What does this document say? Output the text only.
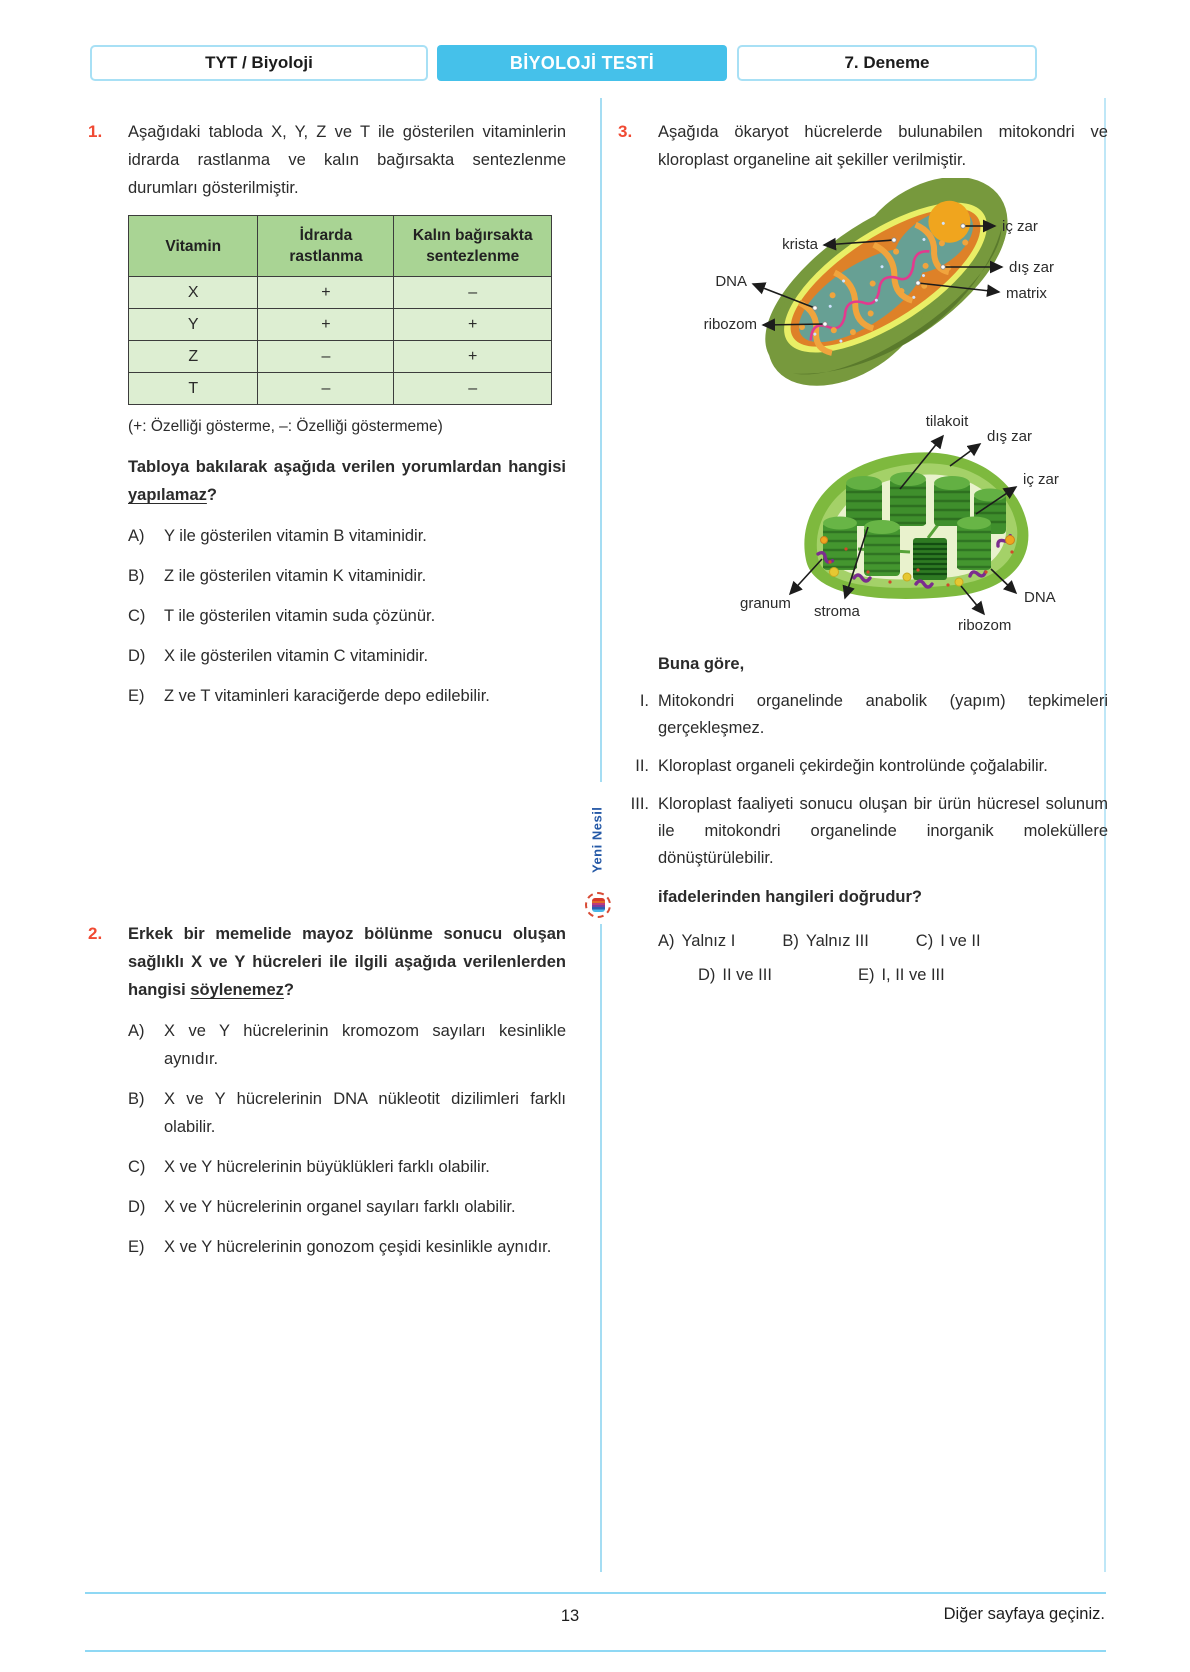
TYT / Biyoloji	BİYOLOJİ TESTİ	7. Deneme
Yeni Nesil
1.	Aşağıdaki tabloda X, Y, Z ve T ile gösterilen vitaminlerin idrarda rastlanma ve kalın bağırsakta sentezlenme durumları gösterilmiştir.

Vitamin	İdrarda rastlanma	Kalın bağırsakta sentezlenme
X	+	–
Y	+	+
Z	–	+
T	–	–

(+: Özelliği gösterme, –: Özelliği göstermeme)

Tabloya bakılarak aşağıda verilen yorumlardan hangisi yapılamaz?

A)	Y ile gösterilen vitamin B vitaminidir.
B)	Z ile gösterilen vitamin K vitaminidir.
C)	T ile gösterilen vitamin suda çözünür.
D)	X ile gösterilen vitamin C vitaminidir.
E)	Z ve T vitaminleri karaciğerde depo edilebilir.
2.	Erkek bir memelide mayoz bölünme sonucu oluşan sağlıklı X ve Y hücreleri ile ilgili aşağıda verilenlerden hangisi söylenemez?

A)	X ve Y hücrelerinin kromozom sayıları kesinlikle aynıdır.
B)	X ve Y hücrelerinin DNA nükleotit dizilimleri farklı olabilir.
C)	X ve Y hücrelerinin büyüklükleri farklı olabilir.
D)	X ve Y hücrelerinin organel sayıları farklı olabilir.
E)	X ve Y hücrelerinin gonozom çeşidi kesinlikle aynıdır.
3.	Aşağıda ökaryot hücrelerde bulunabilen mitokondri ve kloroplast organeline ait şekiller verilmiştir.

krista
DNA
ribozom
iç zar
dış zar
matrix
tilakoit
dış zar
iç zar
DNA
ribozom
stroma
granum

Buna göre,

I. Mitokondri organelinde anabolik (yapım) tepkimeleri gerçekleşmez.
II. Kloroplast organeli çekirdeğin kontrolünde çoğalabilir.
III. Kloroplast faaliyeti sonucu oluşan bir ürün hücresel solunum ile mitokondri organelinde inorganik moleküllere dönüştürülebilir.

ifadelerinden hangileri doğrudur?

A) Yalnız I	B) Yalnız III	C) I ve II
D) II ve III	E) I, II ve III
13	Diğer sayfaya geçiniz.
